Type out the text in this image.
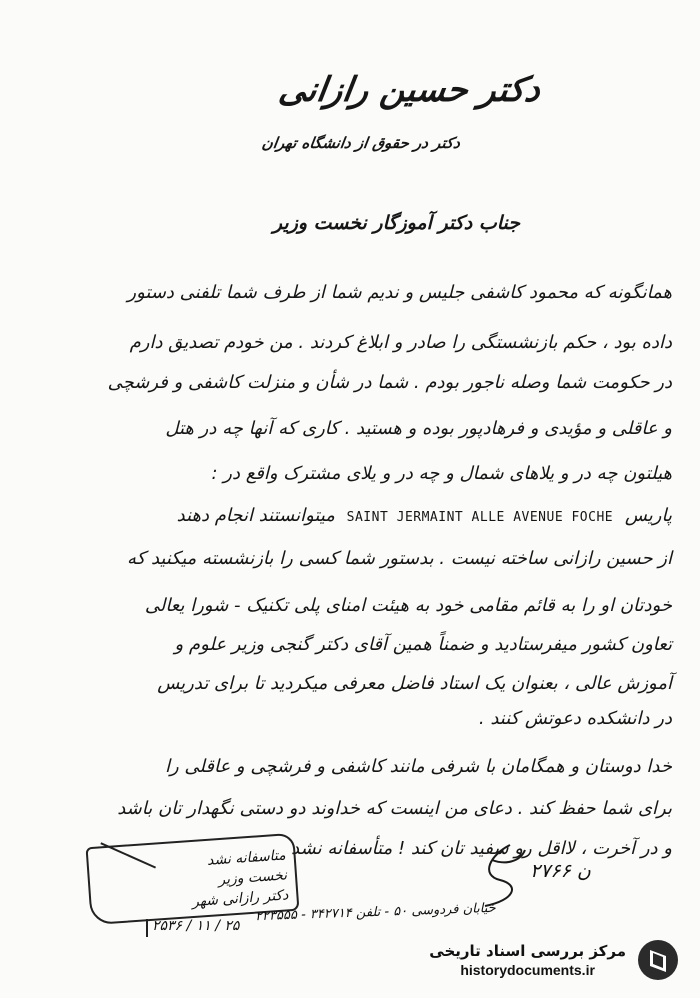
دکتر حسین رازانی
دکتر در حقوق از دانشگاه تهران
جناب دکتر آموزگار نخست وزیر
همانگونه که محمود کاشفی جلیس و ندیم شما از طرف شما تلفنی دستور
داده بود ، حکم بازنشستگی را صادر و ابلاغ کردند . من خودم تصدیق دارم
در حکومت شما وصله ناجور بودم . شما در شأن و منزلت کاشفی و فرشچی
و عاقلی و مؤیدی و فرهادپور بوده و هستید . کاری که آنها چه در هتل
هیلتون چه در و یلاهای شمال و چه در و یلای مشترک واقع در :
پاریس SAINT JERMAINT ALLE AVENUE FOCHE میتوانستند انجام دهند
از حسین رازانی ساخته نیست . بدستور شما کسی را بازنشسته میکنید که
خودتان او را به قائم مقامی خود به هیئت امنای پلی تکنیک - شورا یعالی
تعاون کشور میفرستادید و ضمناً همین آقای دکتر گنجی وزیر علوم و
آموزش عالی ، بعنوان یک استاد فاضل معرفی میکردید تا برای تدریس
در دانشکده دعوتش کنند .
خدا دوستان و همگامان با شرفی مانند کاشفی و فرشچی و عاقلی را
برای شما حفظ کند . دعای من اینست که خداوند دو دستی نگهدار تان باشد
و در آخرت ، لااقل رو سفید تان کند ! متأسفانه نشد
متاسفانه نشد
نخست وزیر
دکتر رازانی شهر
ن ۲۷۶۶
خیابان فردوسی ۵۰ - تلفن ۳۴۲۷۱۴ - ۲۲۳۵۵۵
۲۵ / ۱۱ / ۲۵۳۶
مرکز بررسی اسناد تاریخی
historydocuments.ir
